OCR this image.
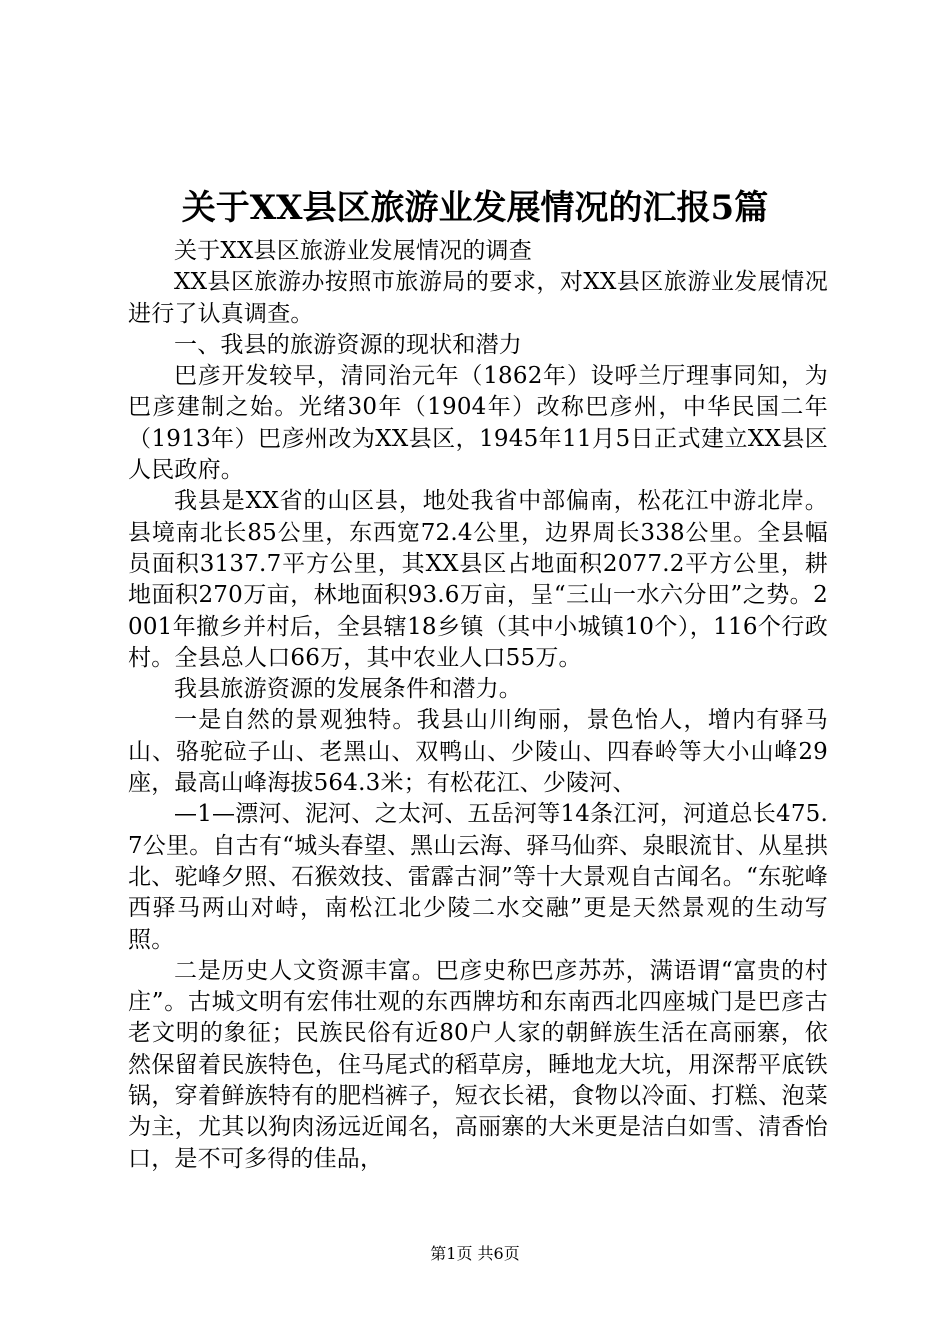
关于XX县区旅游业发展情况的汇报5篇

关于XX县区旅游业发展情况的调查

XX县区旅游办按照市旅游局的要求，对XX县区旅游业发展情况进行了认真调查。

一、我县的旅游资源的现状和潜力

巴彦开发较早，清同治元年（1862年）设呼兰厅理事同知，为巴彦建制之始。光绪30年（1904年）改称巴彦州，中华民国二年（1913年）巴彦州改为XX县区，1945年11月5日正式建立XX县区人民政府。

我县是XX省的山区县，地处我省中部偏南，松花江中游北岸。县境南北长85公里，东西宽72.4公里，边界周长338公里。全县幅员面积3137.7平方公里，其XX县区占地面积2077.2平方公里，耕地面积270万亩，林地面积93.6万亩，呈“三山一水六分田”之势。2001年撤乡并村后，全县辖18乡镇（其中小城镇10个），116个行政村。全县总人口66万，其中农业人口55万。

我县旅游资源的发展条件和潜力。

一是自然的景观独特。我县山川绚丽，景色怡人，增内有驿马山、骆驼砬子山、老黑山、双鸭山、少陵山、四春岭等大小山峰29座，最高山峰海拔564.3米；有松花江、少陵河、

—1—漂河、泥河、之太河、五岳河等14条江河，河道总长475.7公里。自古有“城头春望、黑山云海、驿马仙弈、泉眼流甘、从星拱北、驼峰夕照、石猴效技、雷霹古洞”等十大景观自古闻名。“东驼峰西驿马两山对峙，南松江北少陵二水交融”更是天然景观的生动写照。

二是历史人文资源丰富。巴彦史称巴彦苏苏，满语谓“富贵的村庄”。古城文明有宏伟壮观的东西牌坊和东南西北四座城门是巴彦古老文明的象征；民族民俗有近80户人家的朝鲜族生活在高丽寨，依然保留着民族特色，住马尾式的稻草房，睡地龙大坑，用深帮平底铁锅，穿着鲜族特有的肥档裤子，短衣长裙，食物以冷面、打糕、泡菜为主，尤其以狗肉汤远近闻名，高丽寨的大米更是洁白如雪、清香怡口，是不可多得的佳品，

第1页 共6页
